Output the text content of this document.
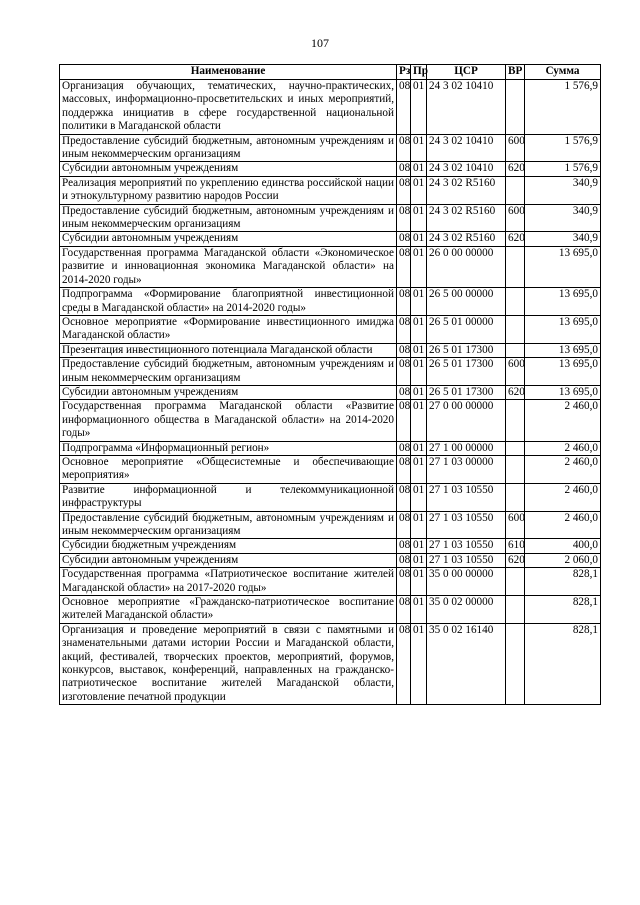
107
Наименование	Рз	Пр	ЦСР	ВР	Сумма
Организация обучающих, тематических, научно-практических, массовых, информационно-просветительских и иных мероприятий, поддержка инициатив в сфере государственной национальной политики в Магаданской области	08	01	24 3 02 10410		1 576,9
Предоставление субсидий бюджетным, автономным учреждениям и иным некоммерческим организациям	08	01	24 3 02 10410	600	1 576,9
Субсидии автономным учреждениям	08	01	24 3 02 10410	620	1 576,9
Реализация мероприятий по укреплению единства российской нации и этнокультурному развитию народов России	08	01	24 3 02 R5160		340,9
Предоставление субсидий бюджетным, автономным учреждениям и иным некоммерческим организациям	08	01	24 3 02 R5160	600	340,9
Субсидии автономным учреждениям	08	01	24 3 02 R5160	620	340,9
Государственная программа Магаданской области «Экономическое развитие и инновационная экономика Магаданской области» на 2014-2020 годы»	08	01	26 0 00 00000		13 695,0
Подпрограмма «Формирование благоприятной инвестиционной среды в Магаданской области» на 2014-2020 годы»	08	01	26 5 00 00000		13 695,0
Основное мероприятие «Формирование инвестиционного имиджа Магаданской области»	08	01	26 5 01 00000		13 695,0
Презентация инвестиционного потенциала Магаданской области	08	01	26 5 01 17300		13 695,0
Предоставление субсидий бюджетным, автономным учреждениям и иным некоммерческим организациям	08	01	26 5 01 17300	600	13 695,0
Субсидии автономным учреждениям	08	01	26 5 01 17300	620	13 695,0
Государственная программа Магаданской области «Развитие информационного общества в Магаданской области» на 2014-2020 годы»	08	01	27 0 00 00000		2 460,0
Подпрограмма «Информационный регион»	08	01	27 1 00 00000		2 460,0
Основное мероприятие «Общесистемные и обеспечивающие мероприятия»	08	01	27 1 03 00000		2 460,0
Развитие информационной и телекоммуникационной инфраструктуры	08	01	27 1 03 10550		2 460,0
Предоставление субсидий бюджетным, автономным учреждениям и иным некоммерческим организациям	08	01	27 1 03 10550	600	2 460,0
Субсидии бюджетным учреждениям	08	01	27 1 03 10550	610	400,0
Субсидии автономным учреждениям	08	01	27 1 03 10550	620	2 060,0
Государственная программа «Патриотическое воспитание жителей Магаданской области» на 2017-2020 годы»	08	01	35 0 00 00000		828,1
Основное мероприятие «Гражданско-патриотическое воспитание жителей Магаданской области»	08	01	35 0 02 00000		828,1
Организация и проведение мероприятий в связи с памятными и знаменательными датами истории России и Магаданской области, акций, фестивалей, творческих проектов, мероприятий, форумов, конкурсов, выставок, конференций, направленных на гражданско-патриотическое воспитание жителей Магаданской области, изготовление печатной продукции	08	01	35 0 02 16140		828,1
